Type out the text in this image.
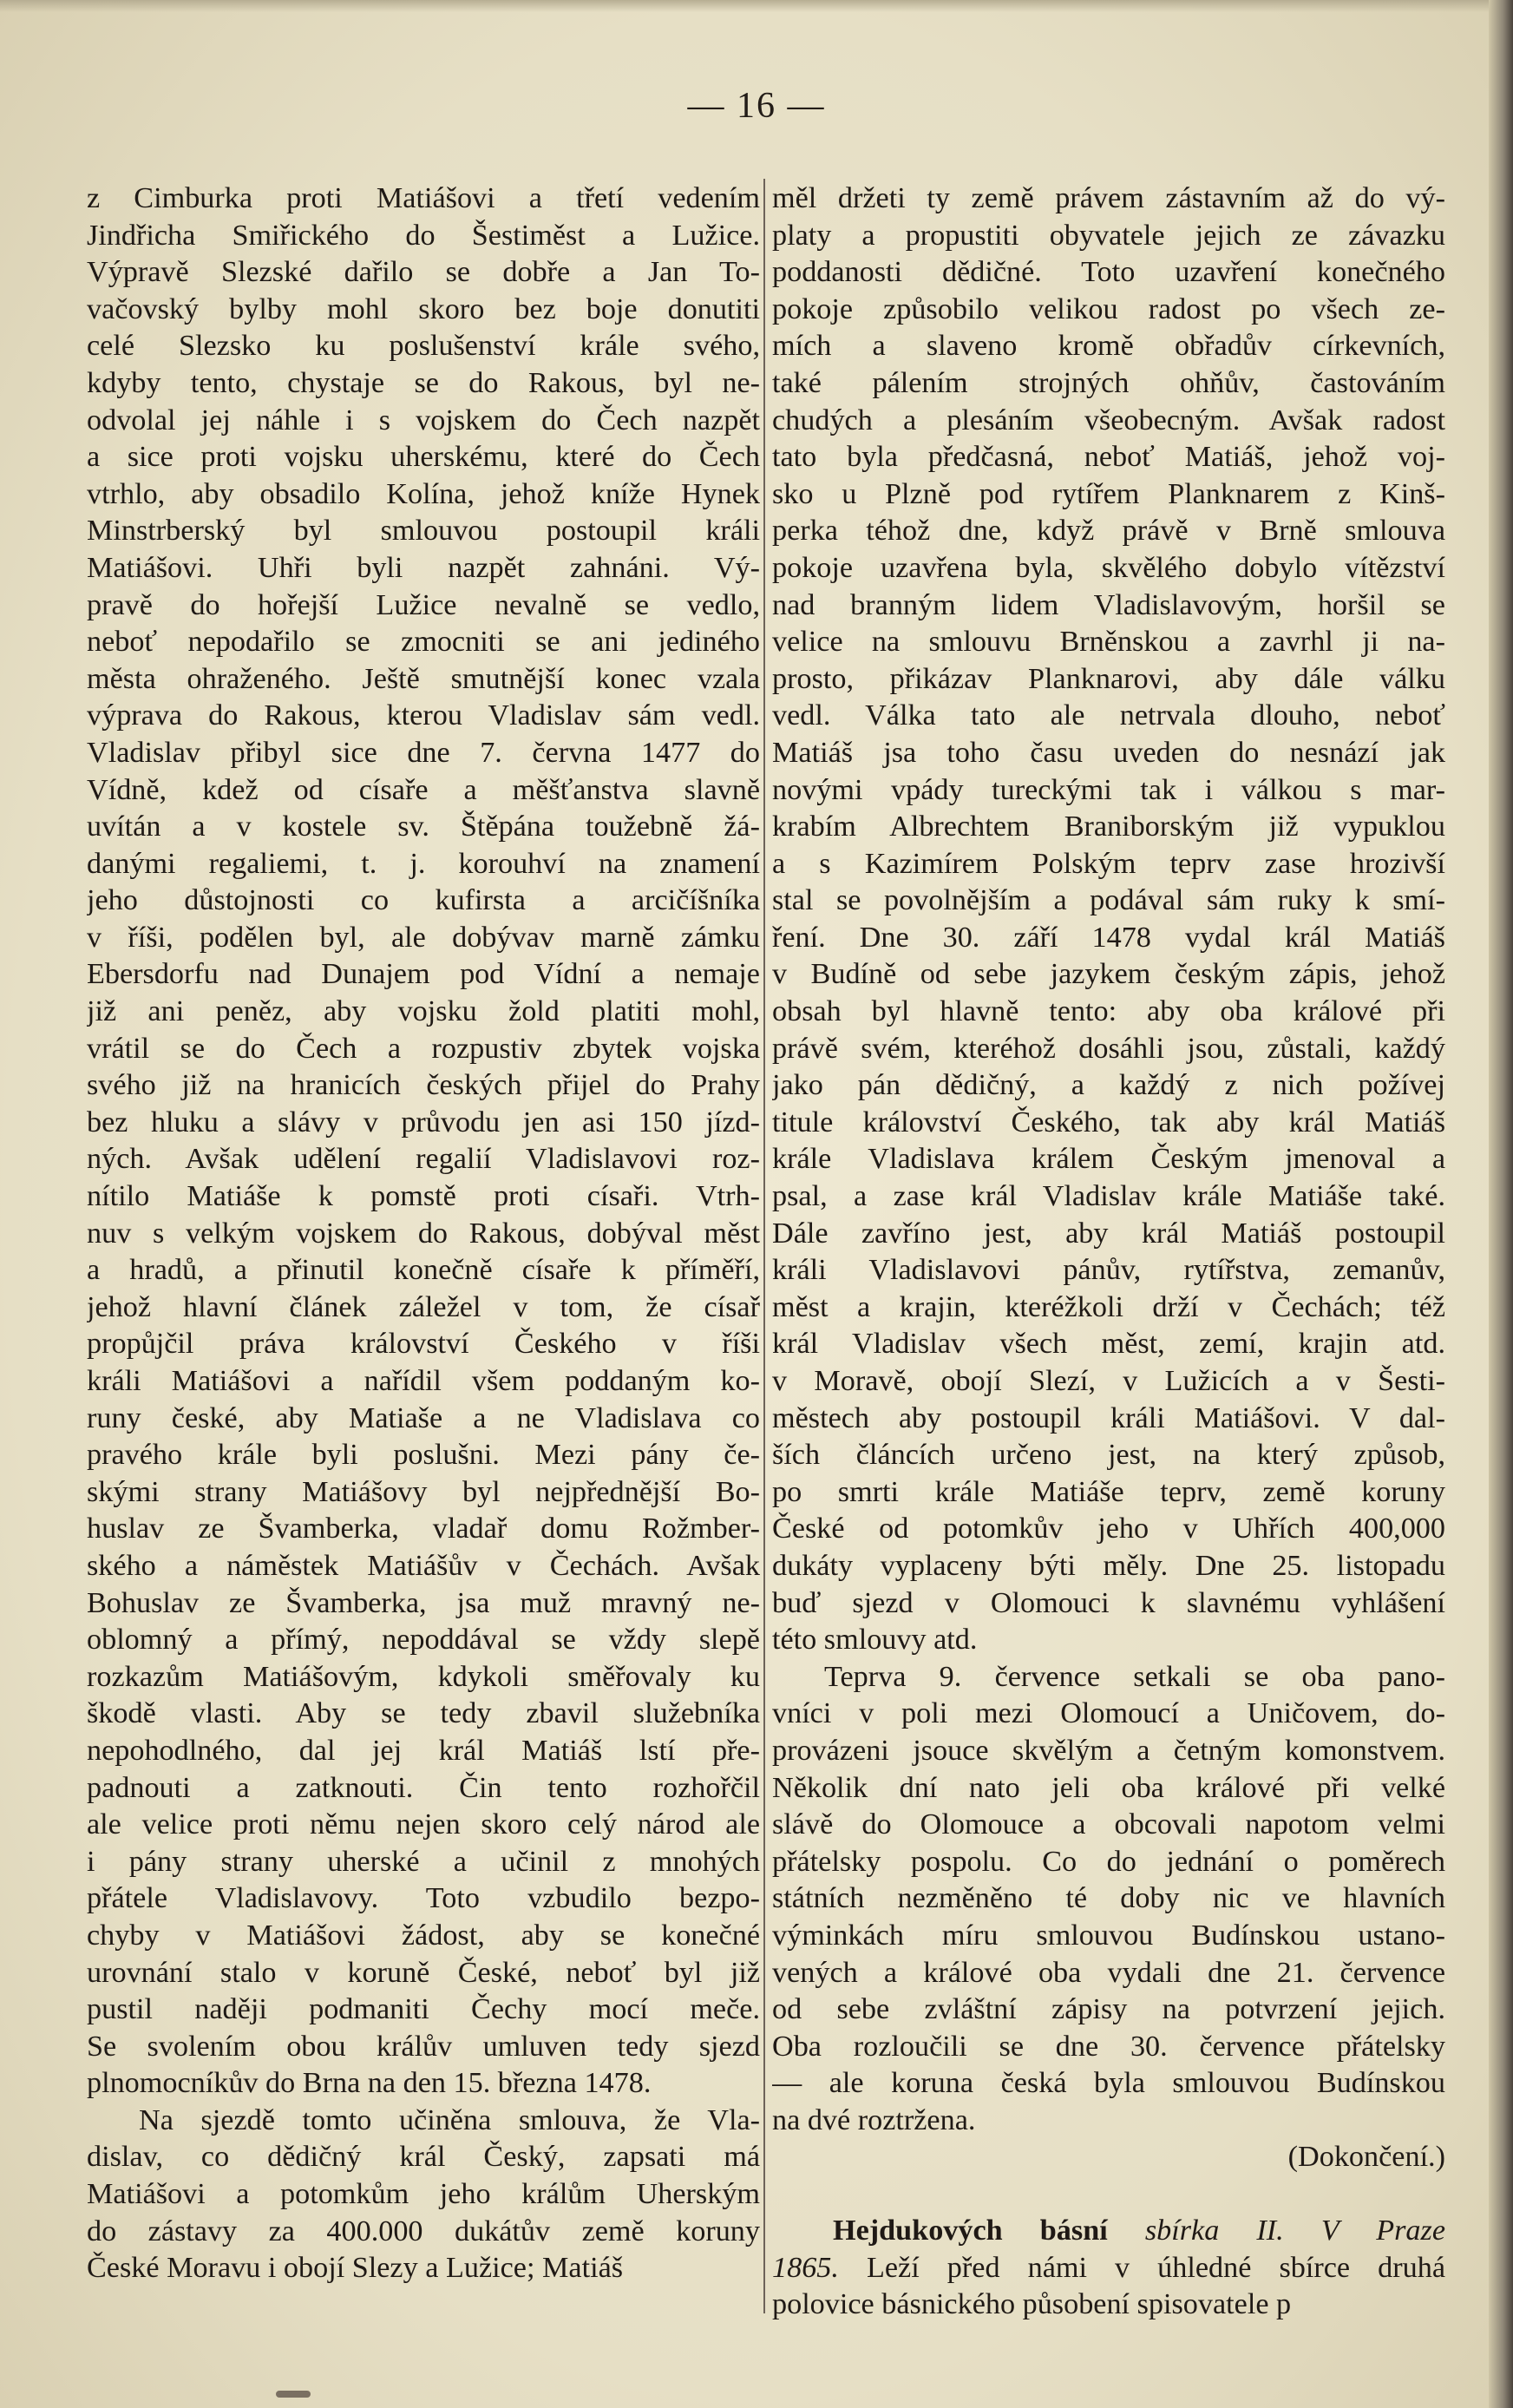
— 16 —
z Cimburka proti Matiášovi a třetí vedením
Jindřicha Smiřického do Šestiměst a Lužice.
Výpravě Slezské dařilo se dobře a Jan To-
vačovský bylby mohl skoro bez boje donutiti
celé Slezsko ku poslušenství krále svého,
kdyby tento, chystaje se do Rakous, byl ne-
odvolal jej náhle i s vojskem do Čech nazpět
a sice proti vojsku uherskému, které do Čech
vtrhlo, aby obsadilo Kolína, jehož kníže Hynek
Minstrberský byl smlouvou postoupil králi
Matiášovi. Uhři byli nazpět zahnáni. Vý-
pravě do hořejší Lužice nevalně se vedlo,
neboť nepodařilo se zmocniti se ani jediného
města ohraženého. Ještě smutnější konec vzala
výprava do Rakous, kterou Vladislav sám vedl.
Vladislav přibyl sice dne 7. června 1477 do
Vídně, kdež od císaře a měšťanstva slavně
uvítán a v kostele sv. Štěpána toužebně žá-
danými regaliemi, t. j. korouhví na znamení
jeho důstojnosti co kufirsta a arcičíšníka
v říši, podělen byl, ale dobývav marně zámku
Ebersdorfu nad Dunajem pod Vídní a nemaje
již ani peněz, aby vojsku žold platiti mohl,
vrátil se do Čech a rozpustiv zbytek vojska
svého již na hranicích českých přijel do Prahy
bez hluku a slávy v průvodu jen asi 150 jízd-
ných. Avšak udělení regalií Vladislavovi roz-
nítilo Matiáše k pomstě proti císaři. Vtrh-
nuv s velkým vojskem do Rakous, dobýval měst
a hradů, a přinutil konečně císaře k příměří,
jehož hlavní článek záležel v tom, že císař
propůjčil práva království Českého v říši
králi Matiášovi a nařídil všem poddaným ko-
runy české, aby Matiaše a ne Vladislava co
pravého krále byli poslušni. Mezi pány če-
skými strany Matiášovy byl nejpřednější Bo-
huslav ze Švamberka, vladař domu Rožmber-
ského a náměstek Matiášův v Čechách. Avšak
Bohuslav ze Švamberka, jsa muž mravný ne-
oblomný a přímý, nepoddával se vždy slepě
rozkazům Matiášovým, kdykoli směřovaly ku
škodě vlasti. Aby se tedy zbavil služebníka
nepohodlného, dal jej král Matiáš lstí pře-
padnouti a zatknouti. Čin tento rozhořčil
ale velice proti němu nejen skoro celý národ ale
i pány strany uherské a učinil z mnohých
přátele Vladislavovy. Toto vzbudilo bezpo-
chyby v Matiášovi žádost, aby se konečné
urovnání stalo v koruně České, neboť byl již
pustil naději podmaniti Čechy mocí meče.
Se svolením obou králův umluven tedy sjezd
plnomocníkův do Brna na den 15. března 1478.
Na sjezdě tomto učiněna smlouva, že Vla-
dislav, co dědičný král Český, zapsati má
Matiášovi a potomkům jeho králům Uherským
do zástavy za 400.000 dukátův země koruny
České Moravu i obojí Slezy a Lužice; Matiáš
měl držeti ty země právem zástavním až do vý-
platy a propustiti obyvatele jejich ze závazku
poddanosti dědičné. Toto uzavření konečného
pokoje způsobilo velikou radost po všech ze-
mích a slaveno kromě obřadův církevních,
také pálením strojných ohňův, častováním
chudých a plesáním všeobecným. Avšak radost
tato byla předčasná, neboť Matiáš, jehož voj-
sko u Plzně pod rytířem Planknarem z Kinš-
perka téhož dne, když právě v Brně smlouva
pokoje uzavřena byla, skvělého dobylo vítězství
nad branným lidem Vladislavovým, horšil se
velice na smlouvu Brněnskou a zavrhl ji na-
prosto, přikázav Planknarovi, aby dále válku
vedl. Válka tato ale netrvala dlouho, neboť
Matiáš jsa toho času uveden do nesnází jak
novými vpády tureckými tak i válkou s mar-
krabím Albrechtem Braniborským již vypuklou
a s Kazimírem Polským teprv zase hrozivší
stal se povolnějším a podával sám ruky k smí-
ření. Dne 30. září 1478 vydal král Matiáš
v Budíně od sebe jazykem českým zápis, jehož
obsah byl hlavně tento: aby oba králové při
právě svém, kteréhož dosáhli jsou, zůstali, každý
jako pán dědičný, a každý z nich požívej
titule království Českého, tak aby král Matiáš
krále Vladislava králem Českým jmenoval a
psal, a zase král Vladislav krále Matiáše také.
Dále zavříno jest, aby král Matiáš postoupil
králi Vladislavovi pánův, rytířstva, zemanův,
měst a krajin, kteréžkoli drží v Čechách; též
král Vladislav všech měst, zemí, krajin atd.
v Moravě, obojí Slezí, v Lužicích a v Šesti-
městech aby postoupil králi Matiášovi. V dal-
ších článcích určeno jest, na který způsob,
po smrti krále Matiáše teprv, země koruny
České od potomkův jeho v Uhřích 400,000
dukáty vyplaceny býti měly. Dne 25. listopadu
buď sjezd v Olomouci k slavnému vyhlášení
této smlouvy atd.
Teprva 9. července setkali se oba pano-
vníci v poli mezi Olomoucí a Uničovem, do-
provázeni jsouce skvělým a četným komonstvem.
Několik dní nato jeli oba králové při velké
slávě do Olomouce a obcovali napotom velmi
přátelsky pospolu. Co do jednání o poměrech
státních nezměněno té doby nic ve hlavních
výminkách míru smlouvou Budínskou ustano-
vených a králové oba vydali dne 21. července
od sebe zvláštní zápisy na potvrzení jejich.
Oba rozloučili se dne 30. července přátelsky
— ale koruna česká byla smlouvou Budínskou
na dvé roztržena.
(Dokončení.)
Hejdukových básní sbírka II. V Praze
1865. Leží před námi v úhledné sbírce druhá
polovice básnického působení spisovatele p
